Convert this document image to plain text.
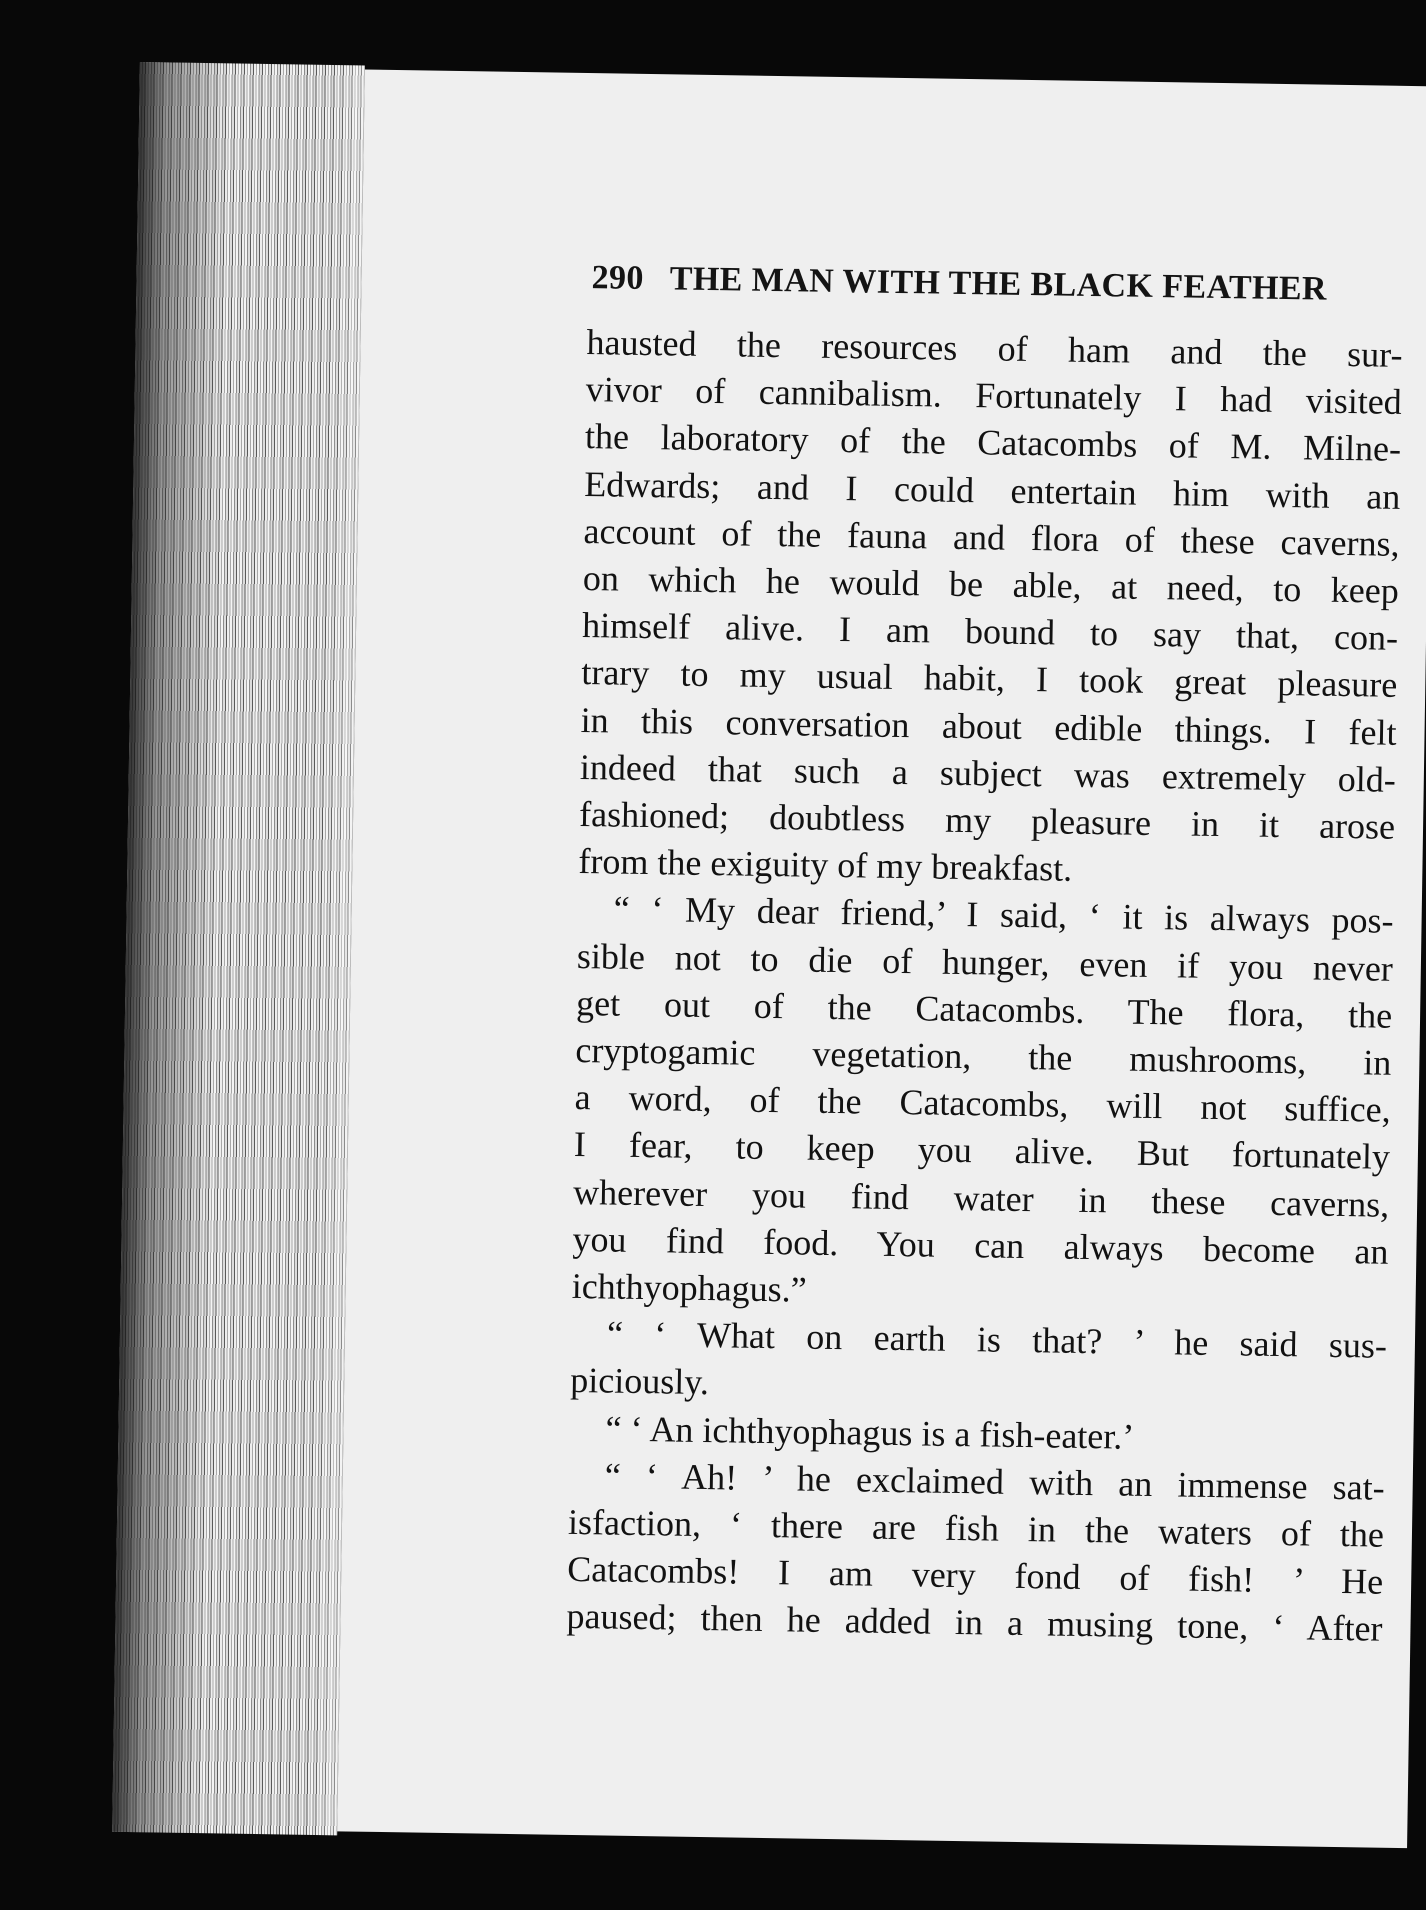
290 THE MAN WITH THE BLACK FEATHER
hausted the resources of ham and the sur-
vivor of cannibalism. Fortunately I had visited
the laboratory of the Catacombs of M. Milne-
Edwards; and I could entertain him with an
account of the fauna and flora of these caverns,
on which he would be able, at need, to keep
himself alive. I am bound to say that, con-
trary to my usual habit, I took great pleasure
in this conversation about edible things. I felt
indeed that such a subject was extremely old-
fashioned; doubtless my pleasure in it arose
from the exiguity of my breakfast.
“ ‘ My dear friend,’ I said, ‘ it is always pos-
sible not to die of hunger, even if you never
get out of the Catacombs. The flora, the
cryptogamic vegetation, the mushrooms, in
a word, of the Catacombs, will not suffice,
I fear, to keep you alive. But fortunately
wherever you find water in these caverns,
you find food. You can always become an
ichthyophagus.”
“ ‘ What on earth is that? ’ he said sus-
piciously.
“ ‘ An ichthyophagus is a fish-eater.’
“ ‘ Ah! ’ he exclaimed with an immense sat-
isfaction, ‘ there are fish in the waters of the
Catacombs! I am very fond of fish! ’ He
paused; then he added in a musing tone, ‘ After
